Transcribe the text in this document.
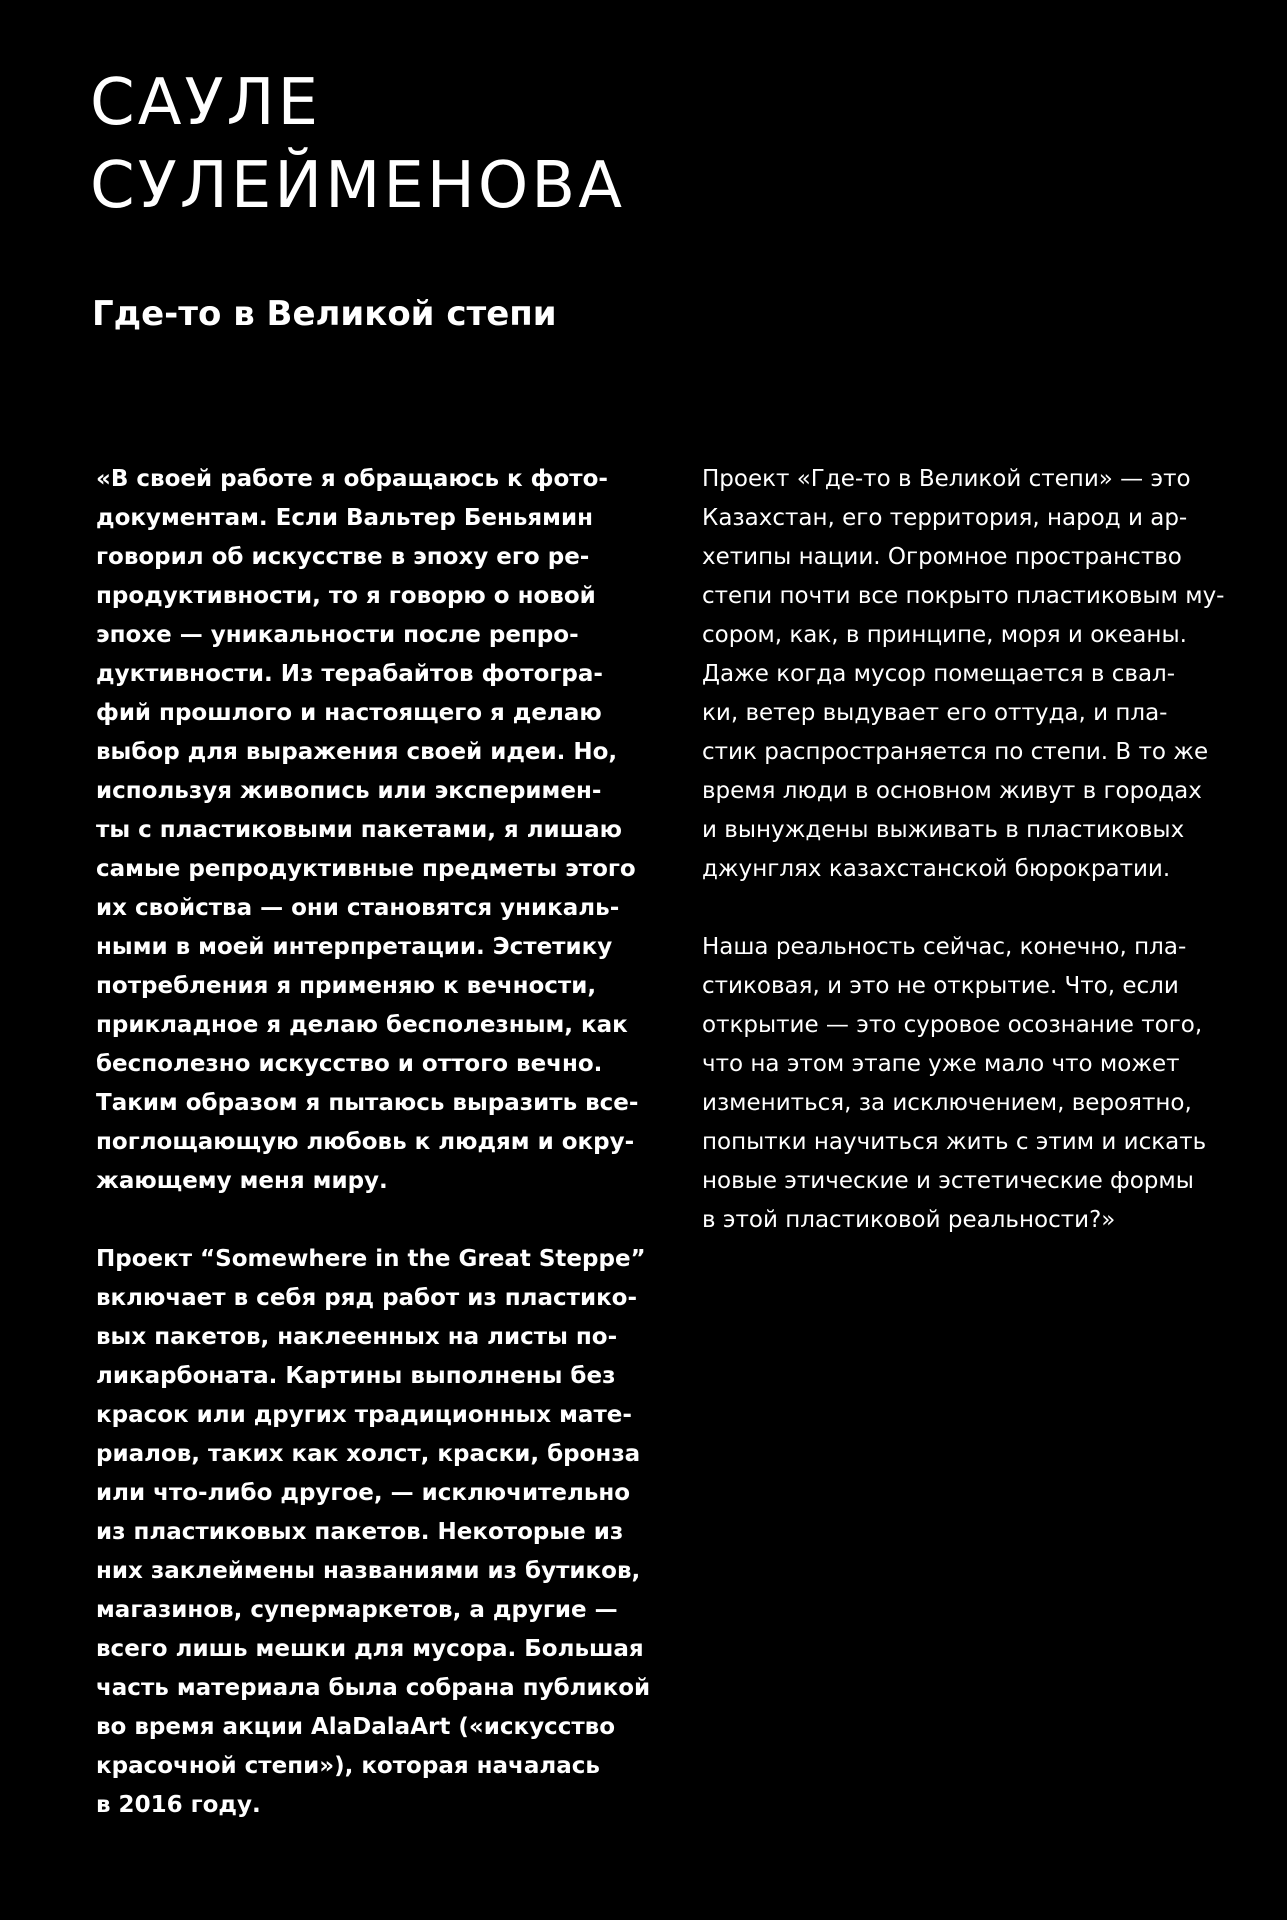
САУЛЕ
СУЛЕЙМЕНОВА
Где-то в Великой степи

«В своей работе я обращаюсь к фото-
документам. Если Вальтер Беньямин
говорил об искусстве в эпоху его ре-
продуктивности, то я говорю о новой
эпохе — уникальности после репро-
дуктивности. Из терабайтов фотогра-
фий прошлого и настоящего я делаю
выбор для выражения своей идеи. Но,
используя живопись или эксперимен-
ты с пластиковыми пакетами, я лишаю
самые репродуктивные предметы этого
их свойства — они становятся уникаль-
ными в моей интерпретации. Эстетику
потребления я применяю к вечности,
прикладное я делаю бесполезным, как
бесполезно искусство и оттого вечно.
Таким образом я пытаюсь выразить все-
поглощающую любовь к людям и окру-
жающему меня миру.

Проект “Somewhere in the Great Steppe”
включает в себя ряд работ из пластико-
вых пакетов, наклеенных на листы по-
ликарбоната. Картины выполнены без
красок или других традиционных мате-
риалов, таких как холст, краски, бронза
или что-либо другое, — исключительно
из пластиковых пакетов. Некоторые из
них заклеймены названиями из бутиков,
магазинов, супермаркетов, а другие —
всего лишь мешки для мусора. Большая
часть материала была собрана публикой
во время акции AlaDalaArt («искусство
красочной степи»), которая началась
в 2016 году.

Проект «Где-то в Великой степи» — это
Казахстан, его территория, народ и ар-
хетипы нации. Огромное пространство
степи почти все покрыто пластиковым му-
сором, как, в принципе, моря и океаны.
Даже когда мусор помещается в свал-
ки, ветер выдувает его оттуда, и пла-
стик распространяется по степи. В то же
время люди в основном живут в городах
и вынуждены выживать в пластиковых
джунглях казахстанской бюрократии.

Наша реальность сейчас, конечно, пла-
стиковая, и это не открытие. Что, если
открытие — это суровое осознание того,
что на этом этапе уже мало что может
измениться, за исключением, вероятно,
попытки научиться жить с этим и искать
новые этические и эстетические формы
в этой пластиковой реальности?»
